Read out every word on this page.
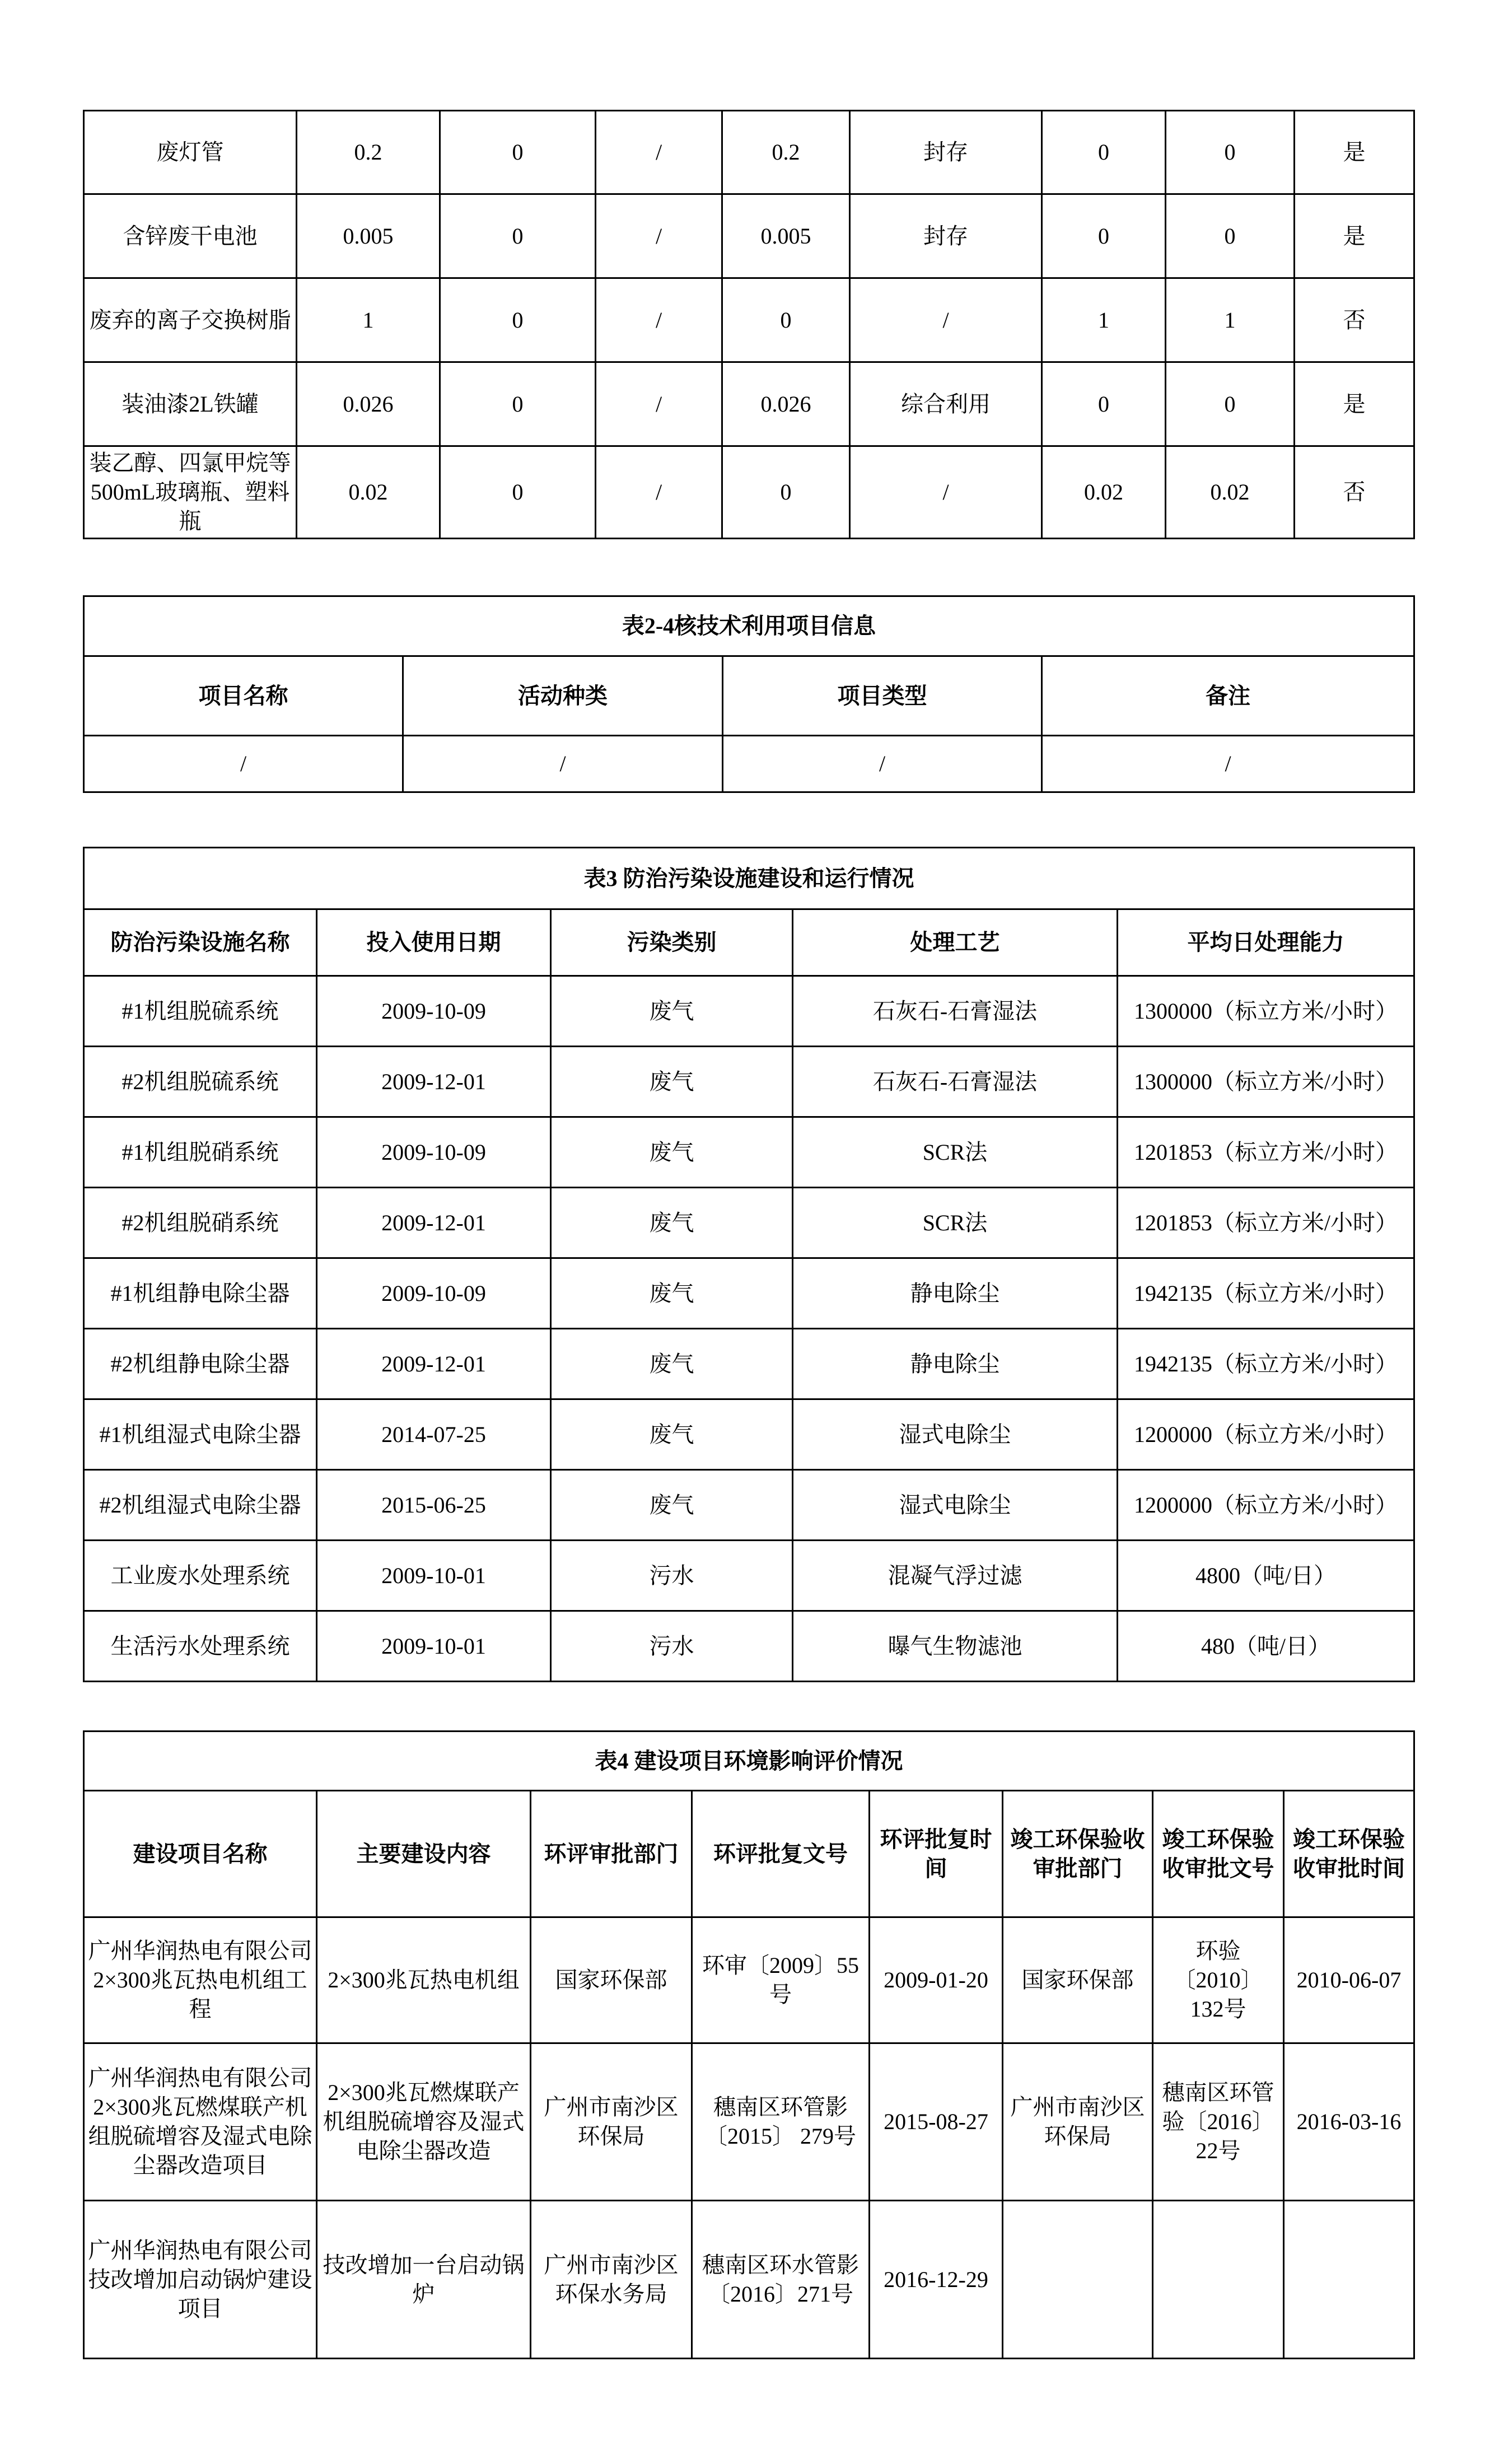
废灯管	0.2	0	/	0.2	封存	0	0	是
含锌废干电池	0.005	0	/	0.005	封存	0	0	是
废弃的离子交换树脂	1	0	/	0	/	1	1	否
装油漆2L铁罐	0.026	0	/	0.026	综合利用	0	0	是
装乙醇、四氯甲烷等500mL玻璃瓶、塑料瓶	0.02	0	/	0	/	0.02	0.02	否
表2-4核技术利用项目信息			
项目名称	活动种类	项目类型	备注
/	/	/	/
表3 防治污染设施建设和运行情况				
防治污染设施名称	投入使用日期	污染类别	处理工艺	平均日处理能力
#1机组脱硫系统	2009-10-09	废气	石灰石-石膏湿法	1300000（标立方米/小时）
#2机组脱硫系统	2009-12-01	废气	石灰石-石膏湿法	1300000（标立方米/小时）
#1机组脱硝系统	2009-10-09	废气	SCR法	1201853（标立方米/小时）
#2机组脱硝系统	2009-12-01	废气	SCR法	1201853（标立方米/小时）
#1机组静电除尘器	2009-10-09	废气	静电除尘	1942135（标立方米/小时）
#2机组静电除尘器	2009-12-01	废气	静电除尘	1942135（标立方米/小时）
#1机组湿式电除尘器	2014-07-25	废气	湿式电除尘	1200000（标立方米/小时）
#2机组湿式电除尘器	2015-06-25	废气	湿式电除尘	1200000（标立方米/小时）
工业废水处理系统	2009-10-01	污水	混凝气浮过滤	4800（吨/日）
生活污水处理系统	2009-10-01	污水	曝气生物滤池	480（吨/日）
表4 建设项目环境影响评价情况							
建设项目名称	主要建设内容	环评审批部门	环评批复文号	环评批复时间	竣工环保验收审批部门	竣工环保验收审批文号	竣工环保验收审批时间
广州华润热电有限公司2×300兆瓦热电机组工程	2×300兆瓦热电机组	国家环保部	环审〔2009〕55号	2009-01-20	国家环保部	环验〔2010〕132号	2010-06-07
广州华润热电有限公司2×300兆瓦燃煤联产机组脱硫增容及湿式电除尘器改造项目	2×300兆瓦燃煤联产机组脱硫增容及湿式电除尘器改造	广州市南沙区环保局	穗南区环管影〔2015〕 279号	2015-08-27	广州市南沙区环保局	穗南区环管验〔2016〕22号	2016-03-16
广州华润热电有限公司技改增加启动锅炉建设项目	技改增加一台启动锅炉	广州市南沙区环保水务局	穗南区环水管影〔2016〕271号	2016-12-29			
